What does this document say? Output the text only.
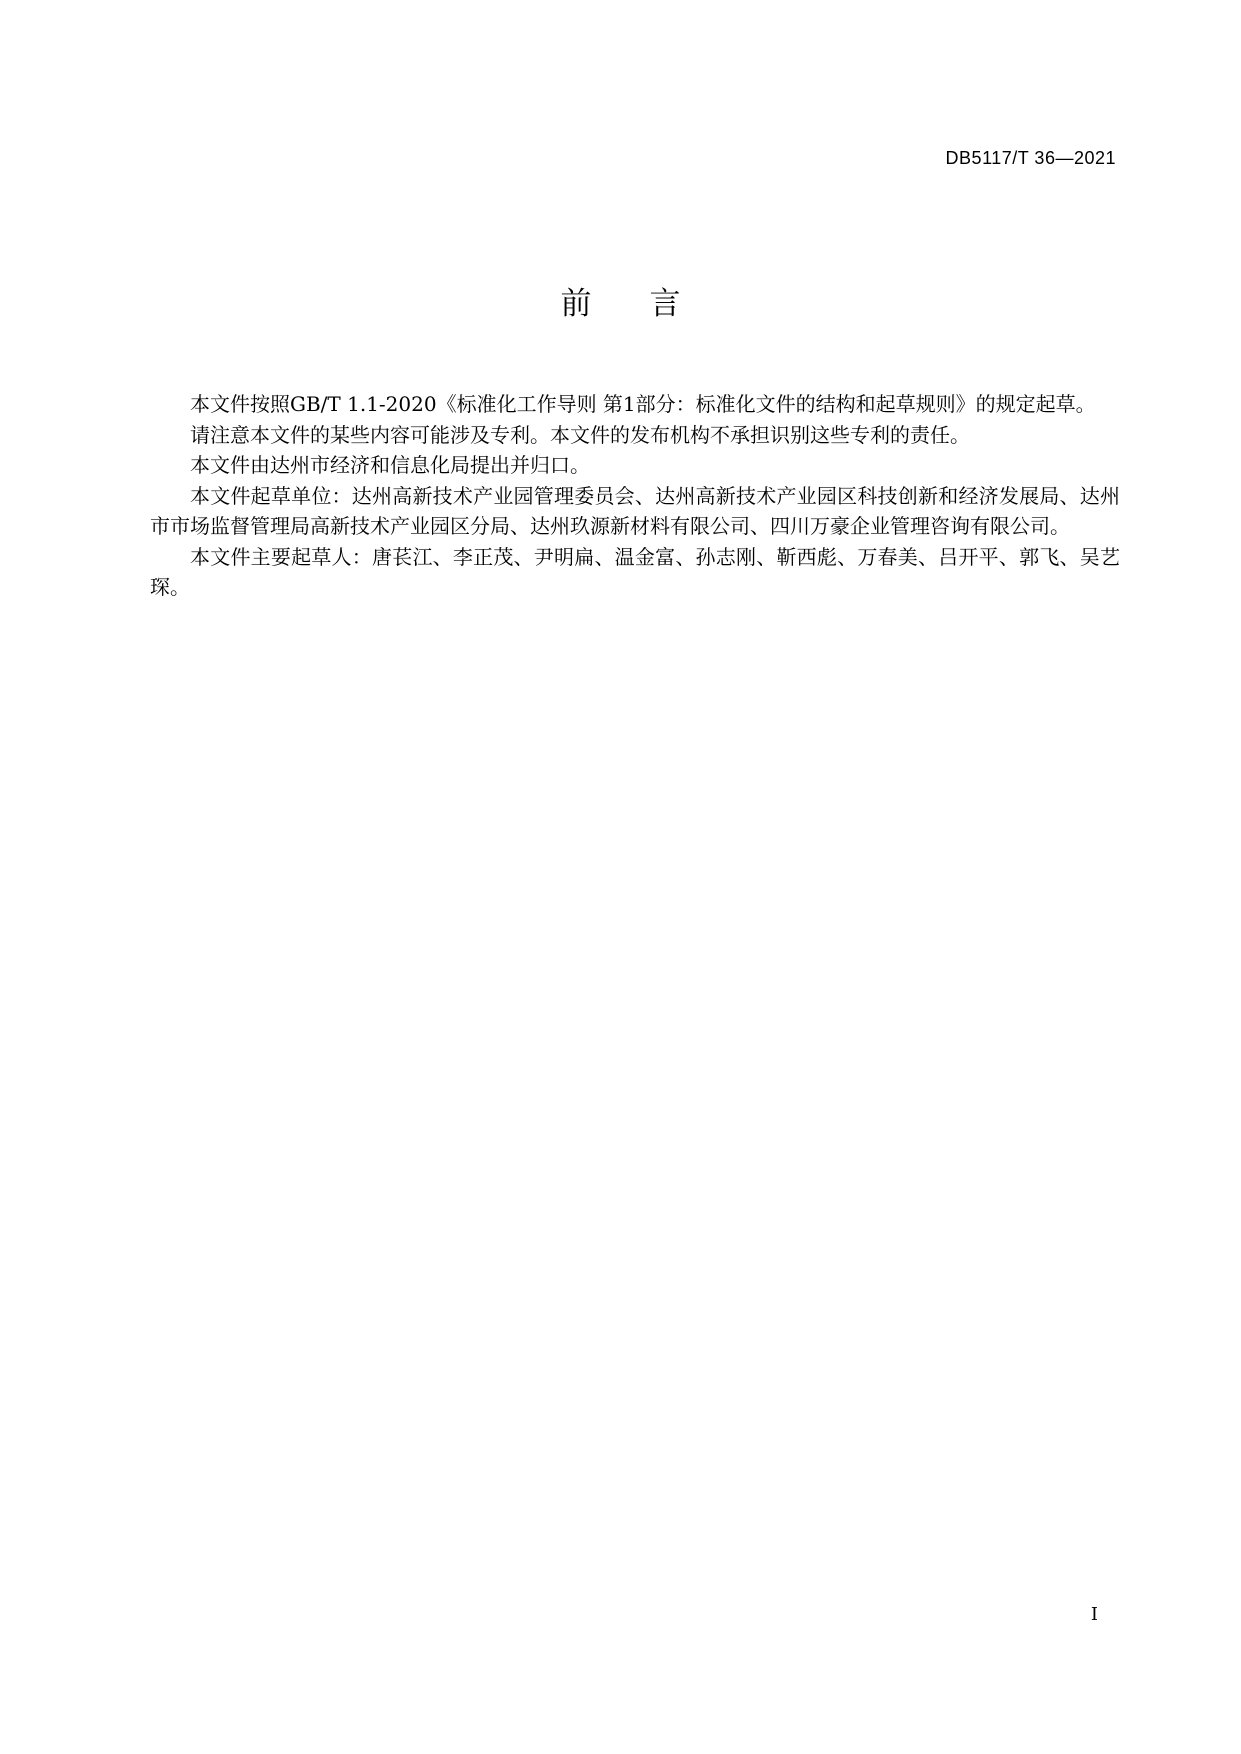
DB5117/T 36—2021
前言

本文件按照GB/T 1.1-2020《标准化工作导则 第1部分：标准化文件的结构和起草规则》的规定起草。

请注意本文件的某些内容可能涉及专利。本文件的发布机构不承担识别这些专利的责任。

本文件由达州市经济和信息化局提出并归口。

本文件起草单位：达州高新技术产业园管理委员会、达州高新技术产业园区科技创新和经济发展局、达州市市场监督管理局高新技术产业园区分局、达州玖源新材料有限公司、四川万豪企业管理咨询有限公司。

本文件主要起草人：唐苌江、李正茂、尹明扁、温金富、孙志刚、靳西彪、万春美、吕开平、郭飞、吴艺琛。

I
